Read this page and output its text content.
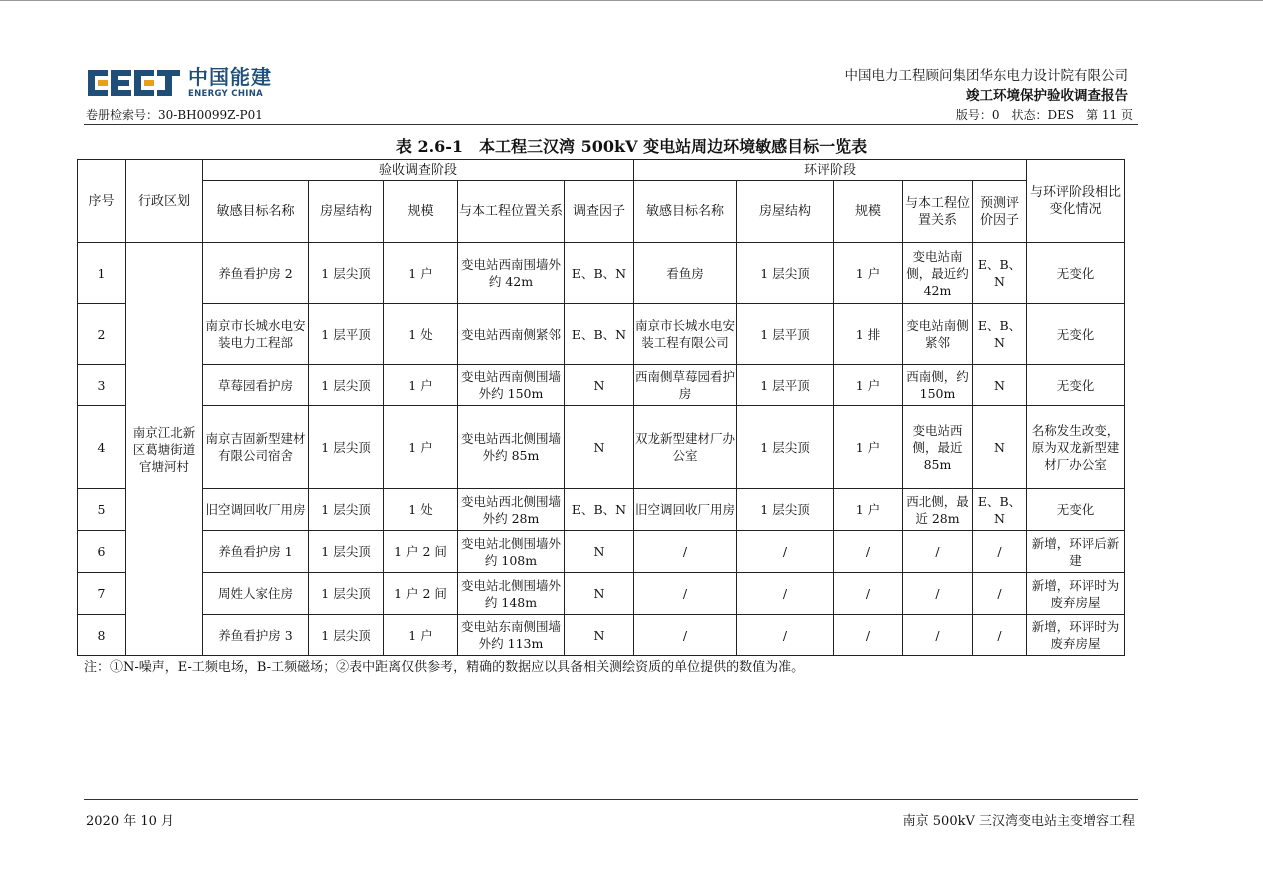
中国能建
ENERGY CHINA
中国电力工程顾问集团华东电力设计院有限公司
竣工环境保护验收调查报告
卷册检索号：30-BH0099Z-P01	版号：0　状态：DES　第 11 页
表 2.6-1　本工程三汉湾 500kV 变电站周边环境敏感目标一览表
序号	行政区划	验收调查阶段					环评阶段					与环评阶段相比变化情况
		敏感目标名称	房屋结构	规模	与本工程位置关系	调查因子	敏感目标名称	房屋结构	规模	与本工程位置关系	预测评价因子	
1	南京江北新区葛塘街道官塘河村	养鱼看护房 2	1 层尖顶	1 户	变电站西南围墙外约 42m	E、B、N	看鱼房	1 层尖顶	1 户	变电站南侧，最近约 42m	E、B、N	无变化
2		南京市长城水电安装电力工程部	1 层平顶	1 处	变电站西南侧紧邻	E、B、N	南京市长城水电安装工程有限公司	1 层平顶	1 排	变电站南侧紧邻	E、B、N	无变化
3		草莓园看护房	1 层尖顶	1 户	变电站西南侧围墙外约 150m	N	西南侧草莓园看护房	1 层平顶	1 户	西南侧，约 150m	N	无变化
4		南京吉固新型建材有限公司宿舍	1 层尖顶	1 户	变电站西北侧围墙外约 85m	N	双龙新型建材厂办公室	1 层尖顶	1 户	变电站西侧，最近 85m	N	名称发生改变，原为双龙新型建材厂办公室
5		旧空调回收厂用房	1 层尖顶	1 处	变电站西北侧围墙外约 28m	E、B、N	旧空调回收厂用房	1 层尖顶	1 户	西北侧，最近 28m	E、B、N	无变化
6		养鱼看护房 1	1 层尖顶	1 户 2 间	变电站北侧围墙外约 108m	N	/	/	/	/	/	新增，环评后新建
7		周姓人家住房	1 层尖顶	1 户 2 间	变电站北侧围墙外约 148m	N	/	/	/	/	/	新增，环评时为废弃房屋
8		养鱼看护房 3	1 层尖顶	1 户	变电站东南侧围墙外约 113m	N	/	/	/	/	/	新增，环评时为废弃房屋
注：①N-噪声，E-工频电场，B-工频磁场；②表中距离仅供参考，精确的数据应以具备相关测绘资质的单位提供的数值为准。
2020 年 10 月	南京 500kV 三汉湾变电站主变增容工程
